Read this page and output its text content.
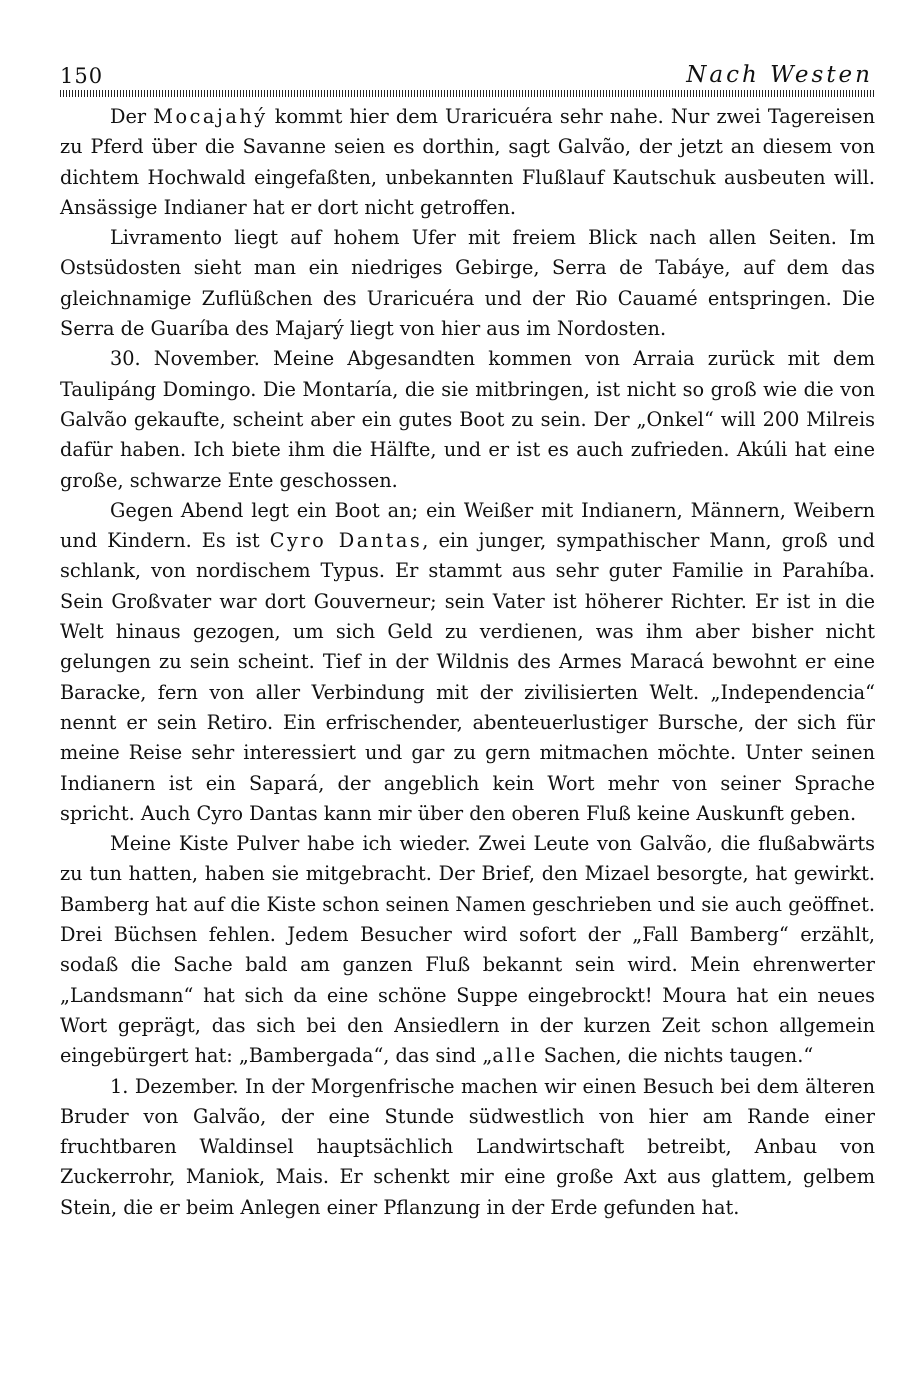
150	Nach Westen

Der Mocajahý kommt hier dem Uraricuéra sehr nahe. Nur zwei Tagereisen zu Pferd über die Savanne seien es dorthin, sagt Galvão, der jetzt an diesem von dichtem Hochwald eingefaßten, unbekannten Flußlauf Kautschuk ausbeuten will. Ansässige Indianer hat er dort nicht getroffen.

Livramento liegt auf hohem Ufer mit freiem Blick nach allen Seiten. Im Ostsüdosten sieht man ein niedriges Gebirge, Serra de Tabáye, auf dem das gleichnamige Zuflüßchen des Uraricuéra und der Rio Cauamé entspringen. Die Serra de Guaríba des Majarý liegt von hier aus im Nordosten.

30. November. Meine Abgesandten kommen von Arraia zurück mit dem Taulipáng Domingo. Die Montaría, die sie mitbringen, ist nicht so groß wie die von Galvão gekaufte, scheint aber ein gutes Boot zu sein. Der „Onkel“ will 200 Milreis dafür haben. Ich biete ihm die Hälfte, und er ist es auch zufrieden. Akúli hat eine große, schwarze Ente geschossen.

Gegen Abend legt ein Boot an; ein Weißer mit Indianern, Männern, Weibern und Kindern. Es ist Cyro Dantas, ein junger, sympathischer Mann, groß und schlank, von nordischem Typus. Er stammt aus sehr guter Familie in Parahíba. Sein Großvater war dort Gouverneur; sein Vater ist höherer Richter. Er ist in die Welt hinaus gezogen, um sich Geld zu verdienen, was ihm aber bisher nicht gelungen zu sein scheint. Tief in der Wildnis des Armes Maracá bewohnt er eine Baracke, fern von aller Verbindung mit der zivilisierten Welt. „Independencia“ nennt er sein Retiro. Ein erfrischender, abenteuerlustiger Bursche, der sich für meine Reise sehr interessiert und gar zu gern mitmachen möchte. Unter seinen Indianern ist ein Sapará, der angeblich kein Wort mehr von seiner Sprache spricht. Auch Cyro Dantas kann mir über den oberen Fluß keine Auskunft geben.

Meine Kiste Pulver habe ich wieder. Zwei Leute von Galvão, die flußabwärts zu tun hatten, haben sie mitgebracht. Der Brief, den Mizael besorgte, hat gewirkt. Bamberg hat auf die Kiste schon seinen Namen geschrieben und sie auch geöffnet. Drei Büchsen fehlen. Jedem Besucher wird sofort der „Fall Bamberg“ erzählt, sodaß die Sache bald am ganzen Fluß bekannt sein wird. Mein ehrenwerter „Landsmann“ hat sich da eine schöne Suppe eingebrockt! Moura hat ein neues Wort geprägt, das sich bei den Ansiedlern in der kurzen Zeit schon allgemein eingebürgert hat: „Bambergada“, das sind „alle Sachen, die nichts taugen.“

1. Dezember. In der Morgenfrische machen wir einen Besuch bei dem älteren Bruder von Galvão, der eine Stunde südwestlich von hier am Rande einer fruchtbaren Waldinsel hauptsächlich Landwirtschaft betreibt, Anbau von Zuckerrohr, Maniok, Mais. Er schenkt mir eine große Axt aus glattem, gelbem Stein, die er beim Anlegen einer Pflanzung in der Erde gefunden hat.
